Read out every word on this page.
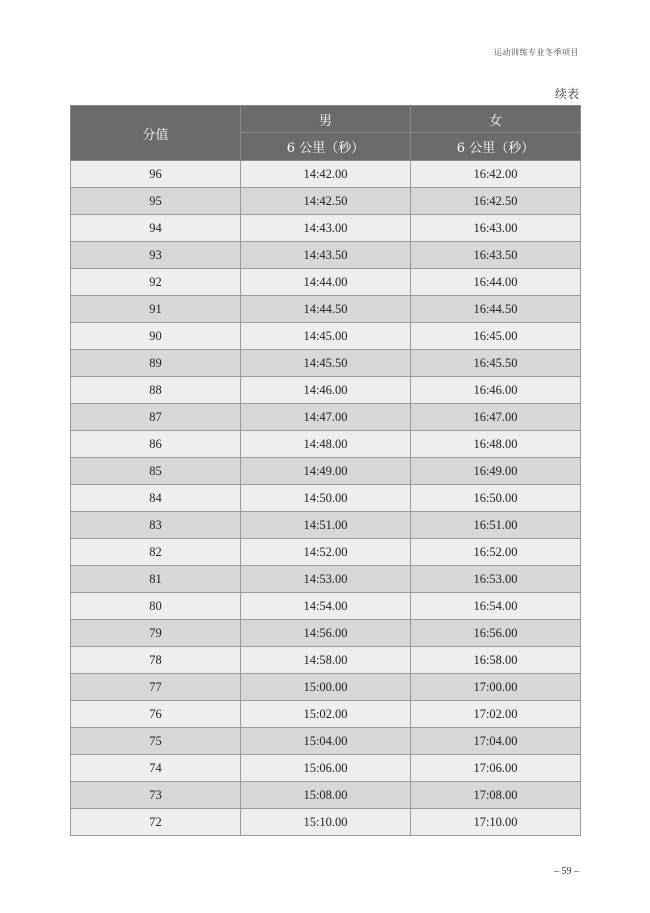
运动训练专业冬季项目
续表
分值	男	女
	6 公里（秒）	6 公里（秒）
96	14:42.00	16:42.00
95	14:42.50	16:42.50
94	14:43.00	16:43.00
93	14:43.50	16:43.50
92	14:44.00	16:44.00
91	14:44.50	16:44.50
90	14:45.00	16:45.00
89	14:45.50	16:45.50
88	14:46.00	16:46.00
87	14:47.00	16:47.00
86	14:48.00	16:48.00
85	14:49.00	16:49.00
84	14:50.00	16:50.00
83	14:51.00	16:51.00
82	14:52.00	16:52.00
81	14:53.00	16:53.00
80	14:54.00	16:54.00
79	14:56.00	16:56.00
78	14:58.00	16:58.00
77	15:00.00	17:00.00
76	15:02.00	17:02.00
75	15:04.00	17:04.00
74	15:06.00	17:06.00
73	15:08.00	17:08.00
72	15:10.00	17:10.00
– 59 –
